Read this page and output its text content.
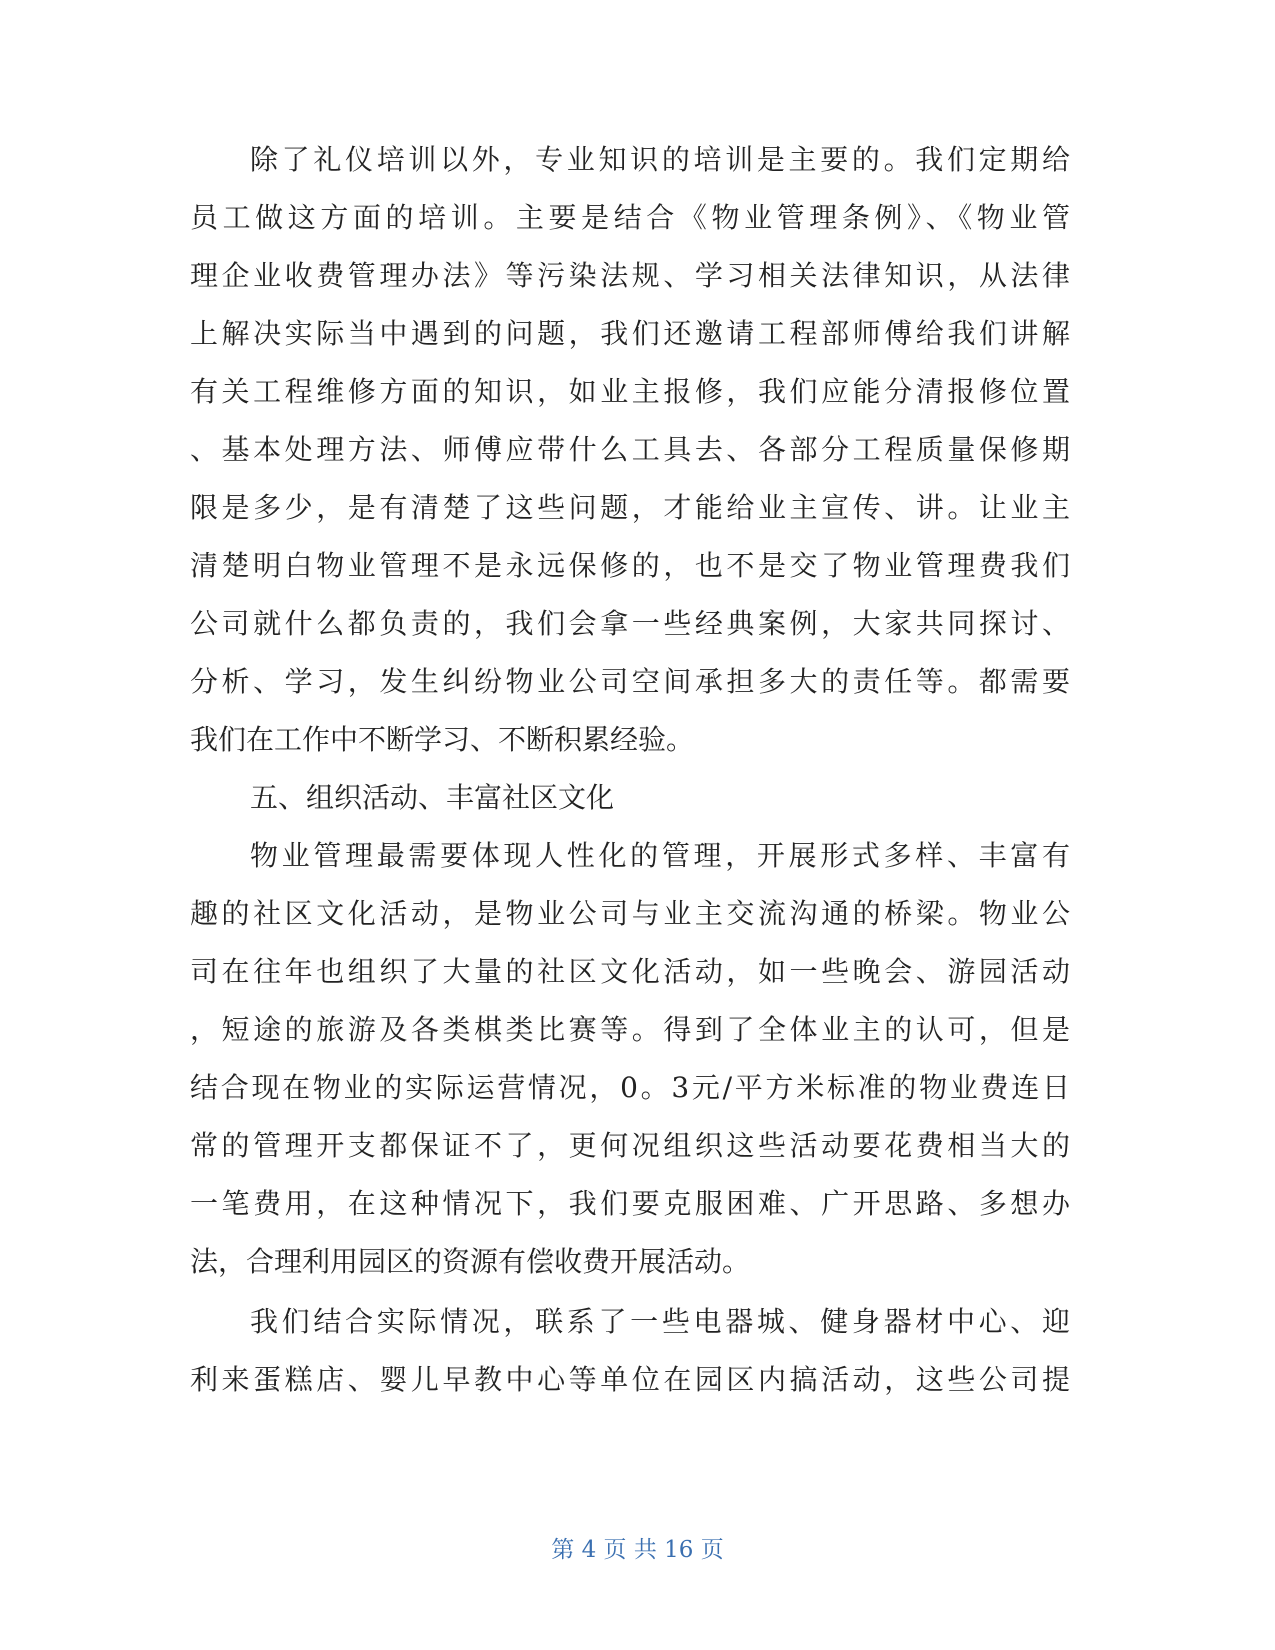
除了礼仪培训以外，专业知识的培训是主要的。我们定期给
员工做这方面的培训。主要是结合《物业管理条例》、《物业管
理企业收费管理办法》等污染法规、学习相关法律知识，从法律
上解决实际当中遇到的问题，我们还邀请工程部师傅给我们讲解
有关工程维修方面的知识，如业主报修，我们应能分清报修位置
、基本处理方法、师傅应带什么工具去、各部分工程质量保修期
限是多少，是有清楚了这些问题，才能给业主宣传、讲。让业主
清楚明白物业管理不是永远保修的，也不是交了物业管理费我们
公司就什么都负责的，我们会拿一些经典案例，大家共同探讨、
分析、学习，发生纠纷物业公司空间承担多大的责任等。都需要
我们在工作中不断学习、不断积累经验。
五、组织活动、丰富社区文化
物业管理最需要体现人性化的管理，开展形式多样、丰富有
趣的社区文化活动，是物业公司与业主交流沟通的桥梁。物业公
司在往年也组织了大量的社区文化活动，如一些晚会、游园活动
，短途的旅游及各类棋类比赛等。得到了全体业主的认可，但是
结合现在物业的实际运营情况，0。3元/平方米标准的物业费连日
常的管理开支都保证不了，更何况组织这些活动要花费相当大的
一笔费用，在这种情况下，我们要克服困难、广开思路、多想办
法，合理利用园区的资源有偿收费开展活动。
我们结合实际情况，联系了一些电器城、健身器材中心、迎
利来蛋糕店、婴儿早教中心等单位在园区内搞活动，这些公司提
第 4 页 共 16 页
